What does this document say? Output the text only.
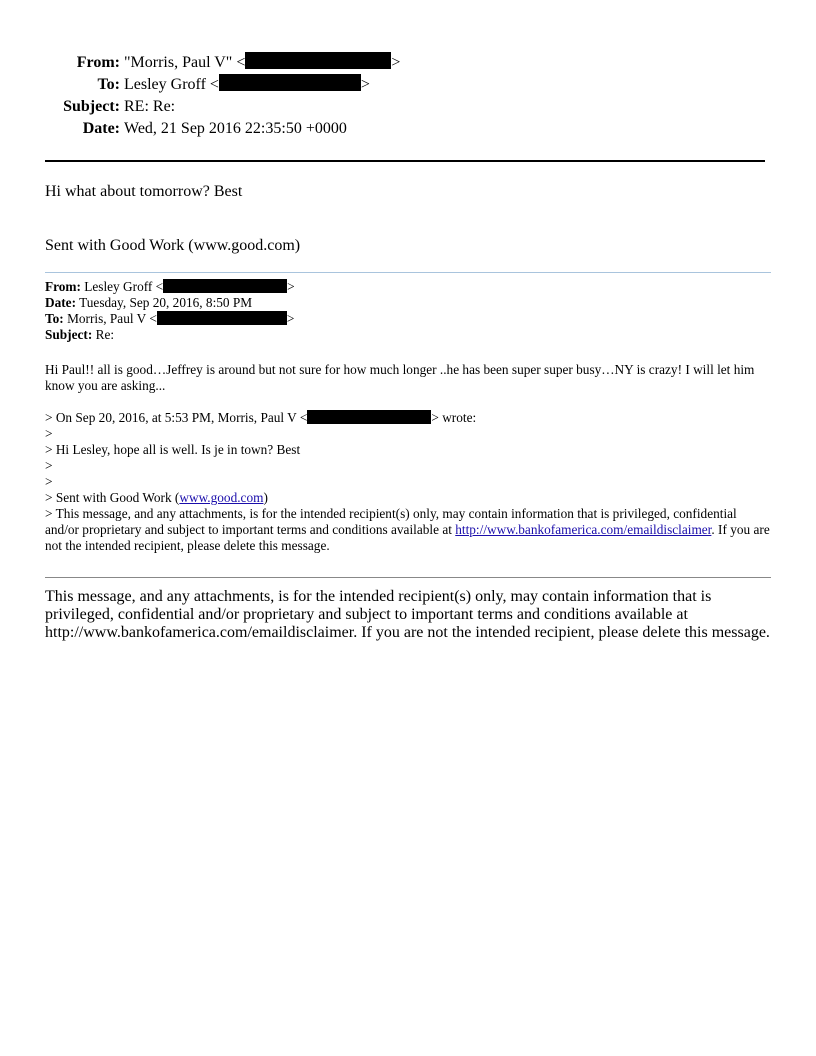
From: "Morris, Paul V" <	>
To: Lesley Groff <	>
Subject: RE: Re:
Date: Wed, 21 Sep 2016 22:35:50 +0000
Hi what about tomorrow? Best
Sent with Good Work (www.good.com)
From: Lesley Groff <	>
Date: Tuesday, Sep 20, 2016, 8:50 PM
To: Morris, Paul V <	>
Subject: Re:
Hi Paul!! all is good…Jeffrey is around but not sure for how much longer ..he has been super super busy…NY is crazy! I will let him know you are asking...
> On Sep 20, 2016, at 5:53 PM, Morris, Paul V <	> wrote:
>
> Hi Lesley, hope all is well. Is je in town? Best
>
>
> Sent with Good Work (www.good.com)
> This message, and any attachments, is for the intended recipient(s) only, may contain information that is privileged, confidential and/or proprietary and subject to important terms and conditions available at http://www.bankofamerica.com/emaildisclaimer. If you are not the intended recipient, please delete this message.
This message, and any attachments, is for the intended recipient(s) only, may contain information that is privileged, confidential and/or proprietary and subject to important terms and conditions available at http://www.bankofamerica.com/emaildisclaimer. If you are not the intended recipient, please delete this message.
